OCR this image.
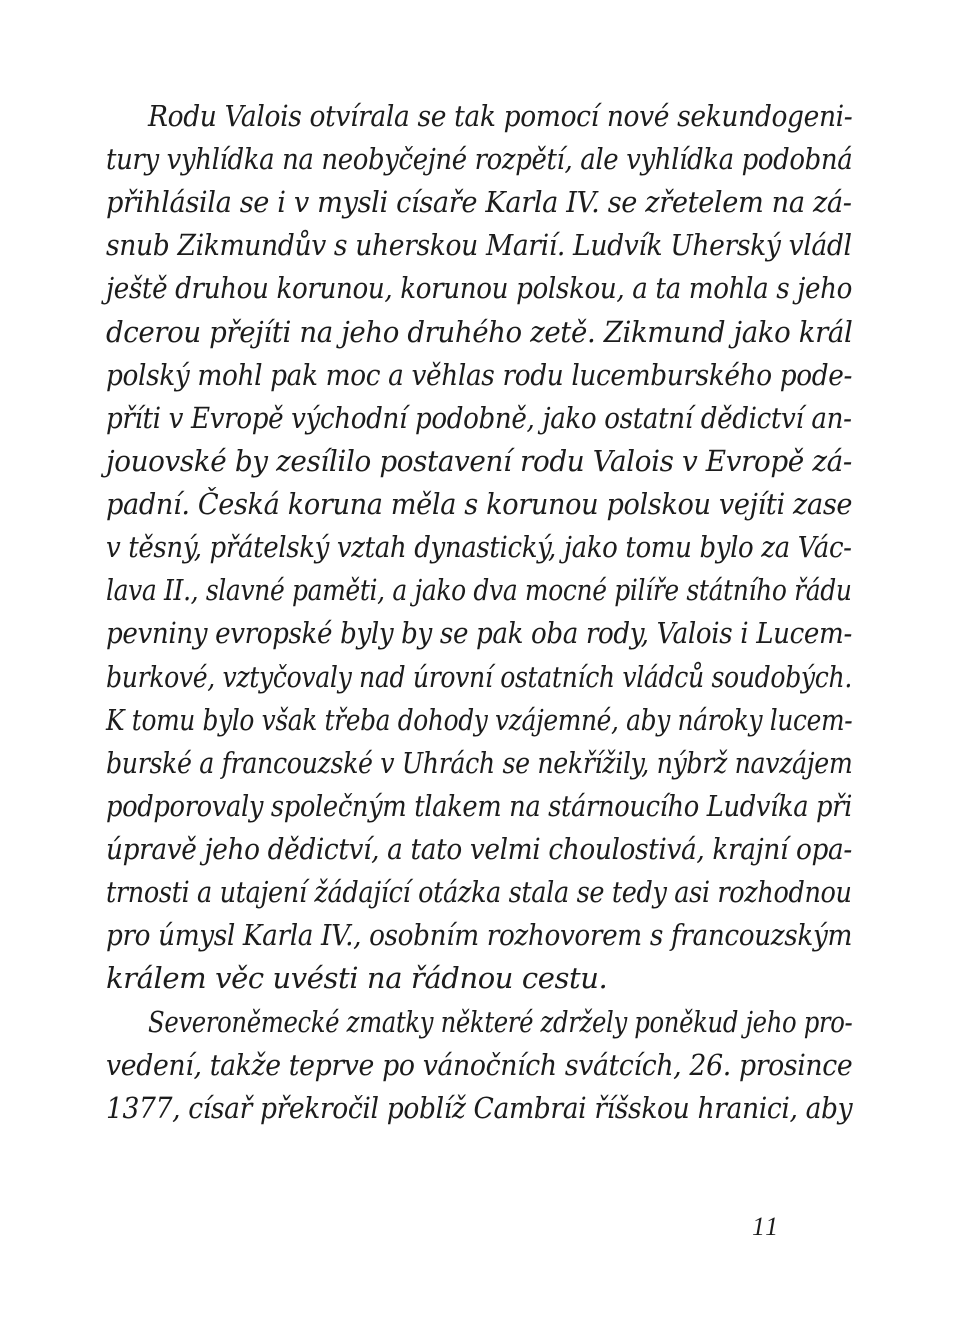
Rodu Valois otvírala se tak pomocí nové sekundogeni-
tury vyhlídka na neobyčejné rozpětí, ale vyhlídka podobná
přihlásila se i v mysli císaře Karla IV. se zřetelem na zá-
snub Zikmundův s uherskou Marií. Ludvík Uherský vládl
ještě druhou korunou, korunou polskou, a ta mohla s jeho
dcerou přejíti na jeho druhého zetě. Zikmund jako král
polský mohl pak moc a věhlas rodu lucemburského pode-
příti v Evropě východní podobně, jako ostatní dědictví an-
jouovské by zesílilo postavení rodu Valois v Evropě zá-
padní. Česká koruna měla s korunou polskou vejíti zase
v těsný, přátelský vztah dynastický, jako tomu bylo za Vác-
lava II., slavné paměti, a jako dva mocné pilíře státního řádu
pevniny evropské byly by se pak oba rody, Valois i Lucem-
burkové, vztyčovaly nad úrovní ostatních vládců soudobých.
K tomu bylo však třeba dohody vzájemné, aby nároky lucem-
burské a francouzské v Uhrách se nekřížily, nýbrž navzájem
podporovaly společným tlakem na stárnoucího Ludvíka při
úpravě jeho dědictví, a tato velmi choulostivá, krajní opa-
trnosti a utajení žádající otázka stala se tedy asi rozhodnou
pro úmysl Karla IV., osobním rozhovorem s francouzským
králem věc uvésti na řádnou cestu.
Severoněmecké zmatky některé zdržely poněkud jeho pro-
vedení, takže teprve po vánočních svátcích, 26. prosince
1377, císař překročil poblíž Cambrai říšskou hranici, aby
11
